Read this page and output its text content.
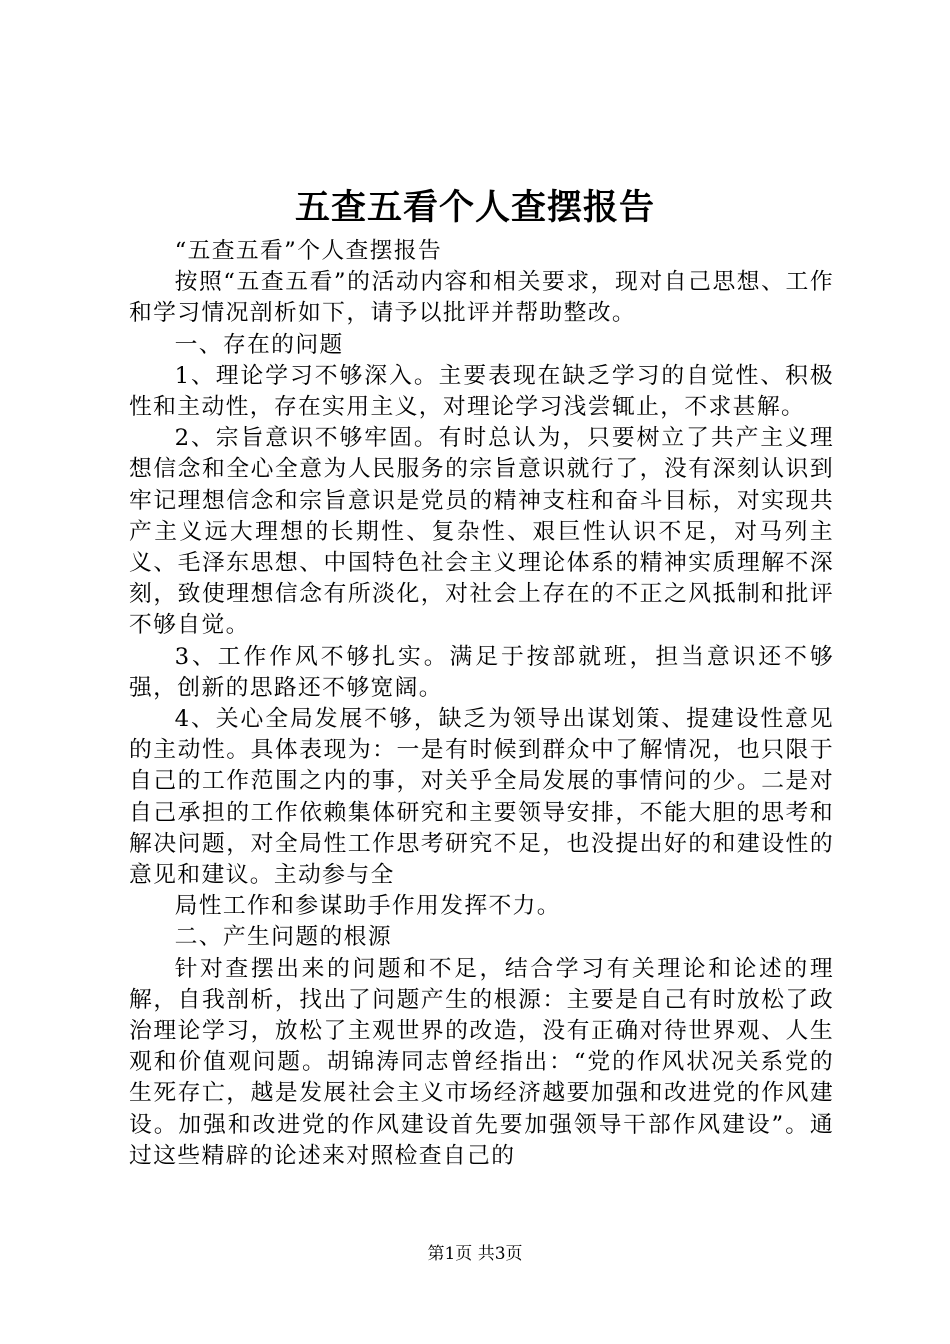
五查五看个人查摆报告

“五查五看”个人查摆报告

按照“五查五看”的活动内容和相关要求，现对自己思想、工作和学习情况剖析如下，请予以批评并帮助整改。

一、存在的问题

1、理论学习不够深入。主要表现在缺乏学习的自觉性、积极性和主动性，存在实用主义，对理论学习浅尝辄止，不求甚解。

2、宗旨意识不够牢固。有时总认为，只要树立了共产主义理想信念和全心全意为人民服务的宗旨意识就行了，没有深刻认识到牢记理想信念和宗旨意识是党员的精神支柱和奋斗目标，对实现共产主义远大理想的长期性、复杂性、艰巨性认识不足，对马列主义、毛泽东思想、中国特色社会主义理论体系的精神实质理解不深刻，致使理想信念有所淡化，对社会上存在的不正之风抵制和批评不够自觉。

3、工作作风不够扎实。满足于按部就班，担当意识还不够强，创新的思路还不够宽阔。

4、关心全局发展不够，缺乏为领导出谋划策、提建设性意见的主动性。具体表现为：一是有时候到群众中了解情况，也只限于自己的工作范围之内的事，对关乎全局发展的事情问的少。二是对自己承担的工作依赖集体研究和主要领导安排，不能大胆的思考和解决问题，对全局性工作思考研究不足，也没提出好的和建设性的意见和建议。主动参与全

局性工作和参谋助手作用发挥不力。

二、产生问题的根源

针对查摆出来的问题和不足，结合学习有关理论和论述的理解，自我剖析，找出了问题产生的根源：主要是自己有时放松了政治理论学习，放松了主观世界的改造，没有正确对待世界观、人生观和价值观问题。胡锦涛同志曾经指出：“党的作风状况关系党的生死存亡，越是发展社会主义市场经济越要加强和改进党的作风建设。加强和改进党的作风建设首先要加强领导干部作风建设”。通过这些精辟的论述来对照检查自己的

第1页 共3页
